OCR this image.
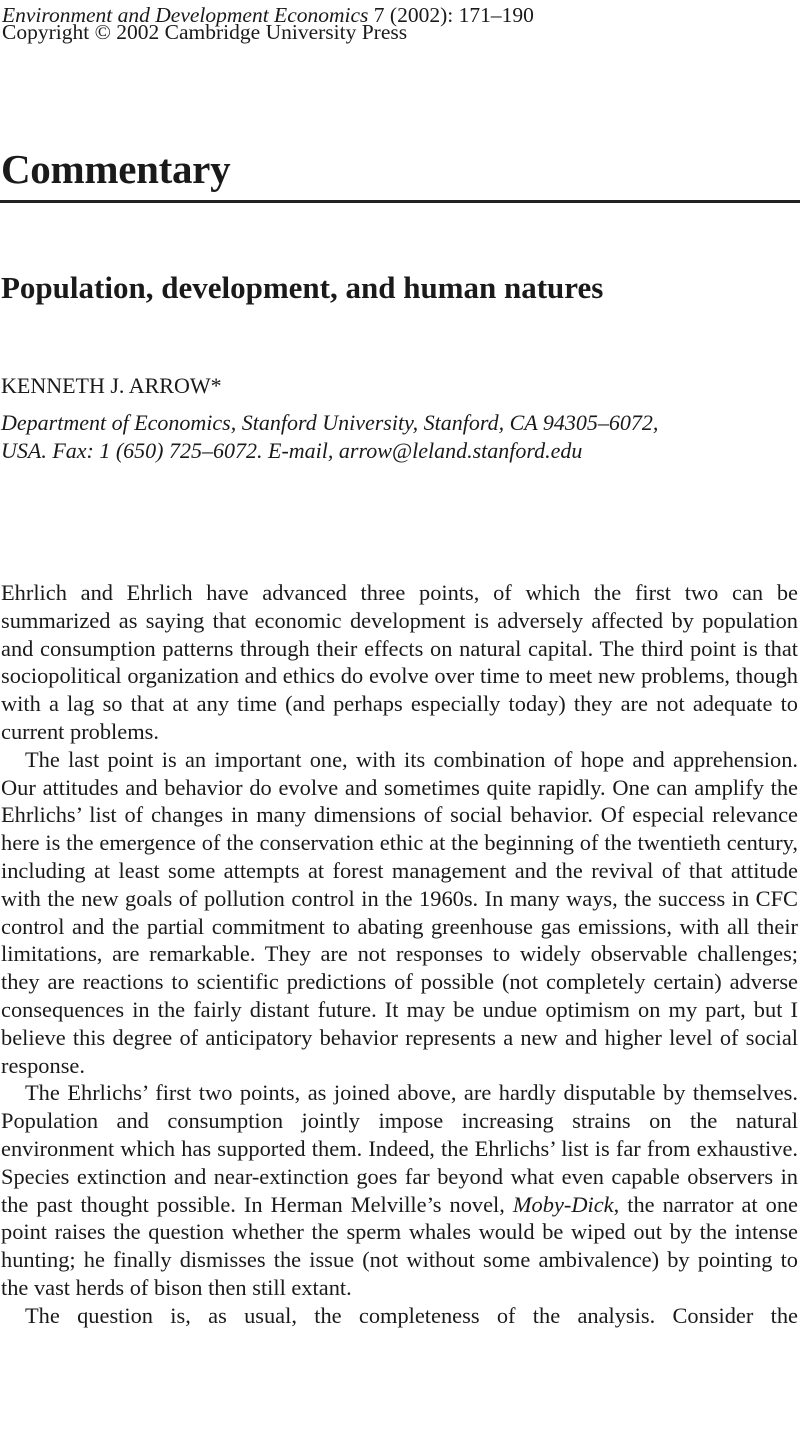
Environment and Development Economics 7 (2002): 171–190
Copyright © 2002 Cambridge University Press
Commentary
Population, development, and human natures
KENNETH J. ARROW*
Department of Economics, Stanford University, Stanford, CA 94305–6072,
USA. Fax: 1 (650) 725–6072. E-mail, arrow@leland.stanford.edu

Ehrlich and Ehrlich have advanced three points, of which the first two can be summarized as saying that economic development is adversely affected by population and consumption patterns through their effects on natural capital. The third point is that sociopolitical organization and ethics do evolve over time to meet new problems, though with a lag so that at any time (and perhaps especially today) they are not adequate to current problems.

The last point is an important one, with its combination of hope and apprehension. Our attitudes and behavior do evolve and sometimes quite rapidly. One can amplify the Ehrlichs’ list of changes in many dimensions of social behavior. Of especial relevance here is the emergence of the conservation ethic at the beginning of the twentieth century, including at least some attempts at forest management and the revival of that attitude with the new goals of pollution control in the 1960s. In many ways, the success in CFC control and the partial commitment to abating greenhouse gas emissions, with all their limitations, are remarkable. They are not responses to widely observable challenges; they are reactions to scientific predictions of possible (not completely certain) adverse consequences in the fairly distant future. It may be undue optimism on my part, but I believe this degree of anticipatory behavior represents a new and higher level of social response.

The Ehrlichs’ first two points, as joined above, are hardly disputable by themselves. Population and consumption jointly impose increasing strains on the natural environment which has supported them. Indeed, the Ehrlichs’ list is far from exhaustive. Species extinction and near-extinction goes far beyond what even capable observers in the past thought possible. In Herman Melville’s novel, Moby-Dick, the narrator at one point raises the question whether the sperm whales would be wiped out by the intense hunting; he finally dismisses the issue (not without some ambivalence) by pointing to the vast herds of bison then still extant.

The question is, as usual, the completeness of the analysis. Consider the
